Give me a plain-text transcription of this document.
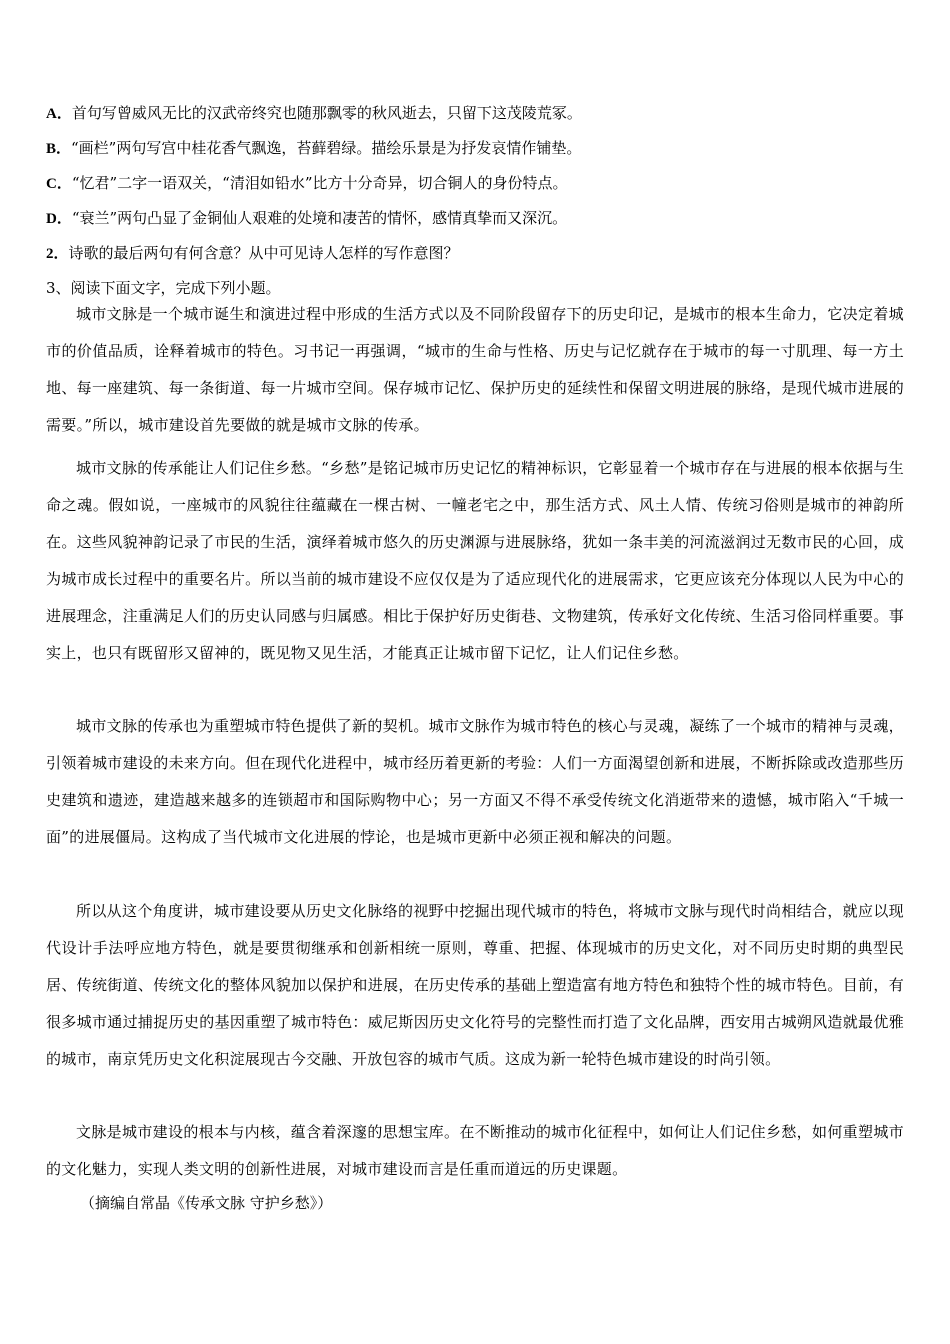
A．首句写曾威风无比的汉武帝终究也随那飘零的秋风逝去，只留下这茂陵荒冢。
B．“画栏”两句写宫中桂花香气飘逸，苔藓碧绿。描绘乐景是为抒发哀情作铺垫。
C．“忆君”二字一语双关，“清泪如铅水”比方十分奇异，切合铜人的身份特点。
D．“衰兰”两句凸显了金铜仙人艰难的处境和凄苦的情怀，感情真挚而又深沉。
2．诗歌的最后两句有何含意？从中可见诗人怎样的写作意图？
3、阅读下面文字，完成下列小题。

城市文脉是一个城市诞生和演进过程中形成的生活方式以及不同阶段留存下的历史印记，是城市的根本生命力，它决定着城市的价值品质，诠释着城市的特色。习书记一再强调，“城市的生命与性格、历史与记忆就存在于城市的每一寸肌理、每一方土地、每一座建筑、每一条街道、每一片城市空间。保存城市记忆、保护历史的延续性和保留文明进展的脉络，是现代城市进展的需要。”所以，城市建设首先要做的就是城市文脉的传承。

城市文脉的传承能让人们记住乡愁。“乡愁”是铭记城市历史记忆的精神标识，它彰显着一个城市存在与进展的根本依据与生命之魂。假如说，一座城市的风貌往往蕴藏在一棵古树、一幢老宅之中，那生活方式、风土人情、传统习俗则是城市的神韵所在。这些风貌神韵记录了市民的生活，演绎着城市悠久的历史渊源与进展脉络，犹如一条丰美的河流滋润过无数市民的心回，成为城市成长过程中的重要名片。所以当前的城市建设不应仅仅是为了适应现代化的进展需求，它更应该充分体现以人民为中心的进展理念，注重满足人们的历史认同感与归属感。相比于保护好历史街巷、文物建筑，传承好文化传统、生活习俗同样重要。事实上，也只有既留形又留神的，既见物又见生活，才能真正让城市留下记忆，让人们记住乡愁。

城市文脉的传承也为重塑城市特色提供了新的契机。城市文脉作为城市特色的核心与灵魂，凝练了一个城市的精神与灵魂，引领着城市建设的未来方向。但在现代化进程中，城市经历着更新的考验：人们一方面渴望创新和进展，不断拆除或改造那些历史建筑和遗迹，建造越来越多的连锁超市和国际购物中心；另一方面又不得不承受传统文化消逝带来的遗憾，城市陷入“千城一面”的进展僵局。这构成了当代城市文化进展的悖论，也是城市更新中必须正视和解决的问题。

所以从这个角度讲，城市建设要从历史文化脉络的视野中挖掘出现代城市的特色，将城市文脉与现代时尚相结合，就应以现代设计手法呼应地方特色，就是要贯彻继承和创新相统一原则，尊重、把握、体现城市的历史文化，对不同历史时期的典型民居、传统街道、传统文化的整体风貌加以保护和进展，在历史传承的基础上塑造富有地方特色和独特个性的城市特色。目前，有很多城市通过捕捉历史的基因重塑了城市特色：威尼斯因历史文化符号的完整性而打造了文化品牌，西安用古城朔风造就最优雅的城市，南京凭历史文化积淀展现古今交融、开放包容的城市气质。这成为新一轮特色城市建设的时尚引领。

文脉是城市建设的根本与内核，蕴含着深邃的思想宝库。在不断推动的城市化征程中，如何让人们记住乡愁，如何重塑城市的文化魅力，实现人类文明的创新性进展，对城市建设而言是任重而道远的历史课题。

（摘编自常晶《传承文脉 守护乡愁》）
